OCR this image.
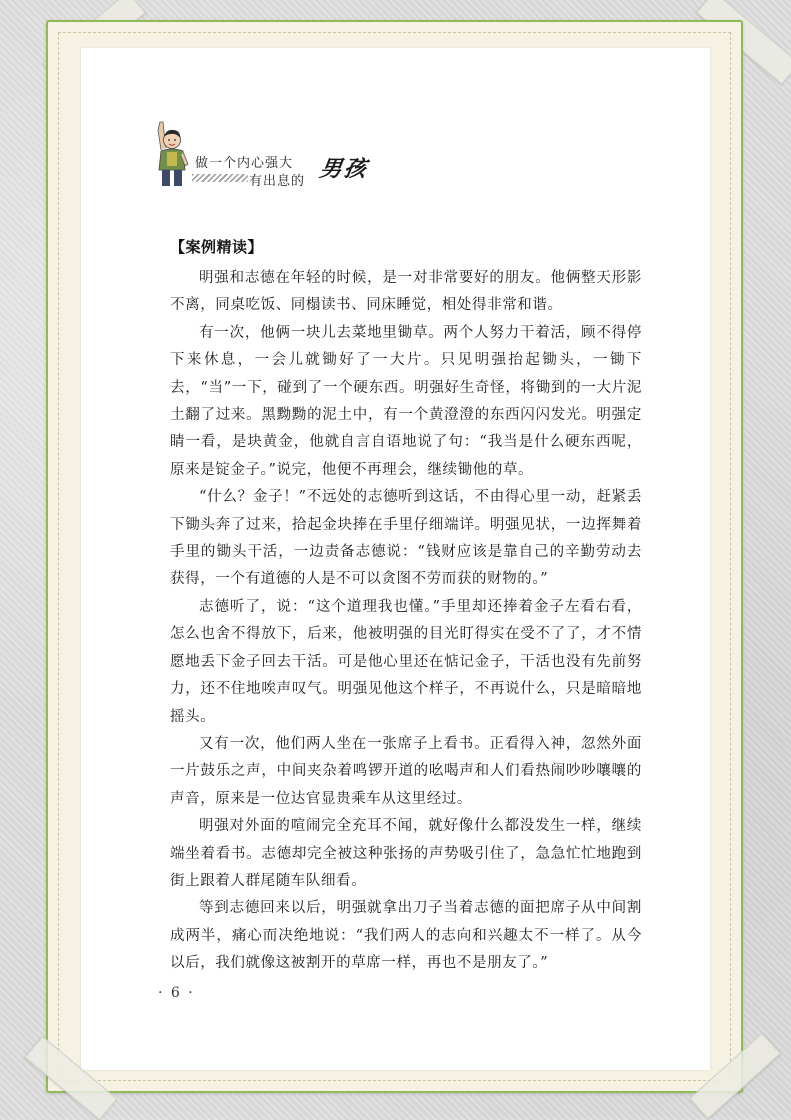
做一个内心强大
有出息的 男孩

【案例精读】

明强和志德在年轻的时候，是一对非常要好的朋友。他俩整天形影不离，同桌吃饭、同榻读书、同床睡觉，相处得非常和谐。

有一次，他俩一块儿去菜地里锄草。两个人努力干着活，顾不得停下来休息，一会儿就锄好了一大片。只见明强抬起锄头，一锄下去，“当”一下，碰到了一个硬东西。明强好生奇怪，将锄到的一大片泥土翻了过来。黑黝黝的泥土中，有一个黄澄澄的东西闪闪发光。明强定睛一看，是块黄金，他就自言自语地说了句：“我当是什么硬东西呢，原来是锭金子。”说完，他便不再理会，继续锄他的草。

“什么？金子！”不远处的志德听到这话，不由得心里一动，赶紧丢下锄头奔了过来，拾起金块捧在手里仔细端详。明强见状，一边挥舞着手里的锄头干活，一边责备志德说：“钱财应该是靠自己的辛勤劳动去获得，一个有道德的人是不可以贪图不劳而获的财物的。”

志德听了，说：“这个道理我也懂。”手里却还捧着金子左看右看，怎么也舍不得放下，后来，他被明强的目光盯得实在受不了了，才不情愿地丢下金子回去干活。可是他心里还在惦记金子，干活也没有先前努力，还不住地唉声叹气。明强见他这个样子，不再说什么，只是暗暗地摇头。

又有一次，他们两人坐在一张席子上看书。正看得入神，忽然外面一片鼓乐之声，中间夹杂着鸣锣开道的吆喝声和人们看热闹吵吵嚷嚷的声音，原来是一位达官显贵乘车从这里经过。

明强对外面的喧闹完全充耳不闻，就好像什么都没发生一样，继续端坐着看书。志德却完全被这种张扬的声势吸引住了，急急忙忙地跑到街上跟着人群尾随车队细看。

等到志德回来以后，明强就拿出刀子当着志德的面把席子从中间割成两半，痛心而决绝地说：“我们两人的志向和兴趣太不一样了。从今以后，我们就像这被割开的草席一样，再也不是朋友了。”

· 6 ·
